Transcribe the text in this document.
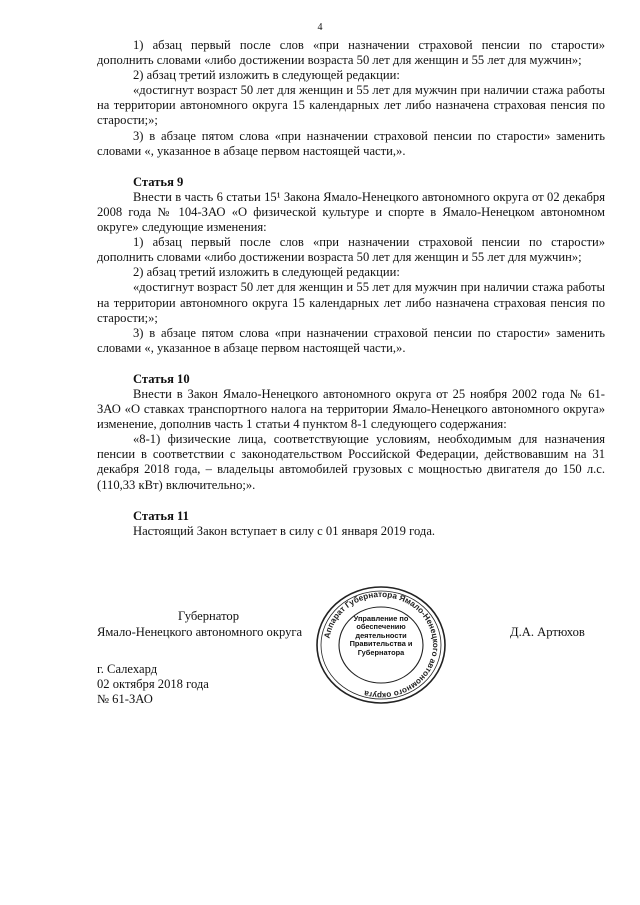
4

1) абзац первый после слов «при назначении страховой пенсии по старости» дополнить словами «либо достижении возраста 50 лет для женщин и 55 лет для мужчин»;

2) абзац третий изложить в следующей редакции:

«достигнут возраст 50 лет для женщин и 55 лет для мужчин при наличии стажа работы на территории автономного округа 15 календарных лет либо назначена страховая пенсия по старости;»;

3) в абзаце пятом слова «при назначении страховой пенсии по старости» заменить словами «, указанное в абзаце первом настоящей части,».

Статья 9

Внести в часть 6 статьи 15¹ Закона Ямало-Ненецкого автономного округа от 02 декабря 2008 года № 104-ЗАО «О физической культуре и спорте в Ямало-Ненецком автономном округе» следующие изменения:

1) абзац первый после слов «при назначении страховой пенсии по старости» дополнить словами «либо достижении возраста 50 лет для женщин и 55 лет для мужчин»;

2) абзац третий изложить в следующей редакции:

«достигнут возраст 50 лет для женщин и 55 лет для мужчин при наличии стажа работы на территории автономного округа 15 календарных лет либо назначена страховая пенсия по старости;»;

3) в абзаце пятом слова «при назначении страховой пенсии по старости» заменить словами «, указанное в абзаце первом настоящей части,».

Статья 10

Внести в Закон Ямало-Ненецкого автономного округа от 25 ноября 2002 года № 61-ЗАО «О ставках транспортного налога на территории Ямало-Ненецкого автономного округа» изменение, дополнив часть 1 статьи 4 пунктом 8-1 следующего содержания:

«8-1) физические лица, соответствующие условиям, необходимым для назначения пенсии в соответствии с законодательством Российской Федерации, действовавшим на 31 декабря 2018 года, – владельцы автомобилей грузовых с мощностью двигателя до 150 л.с. (110,33 кВт) включительно;».

Статья 11

Настоящий Закон вступает в силу с 01 января 2019 года.

Губернатор
Ямало-Ненецкого автономного округа	Д.А. Артюхов
Аппарат Губернатора Ямало-Ненецкого автономного округа
Управление по обеспечению деятельности Правительства и Губернатора
г. Салехард
02 октября 2018 года
№ 61-ЗАО
